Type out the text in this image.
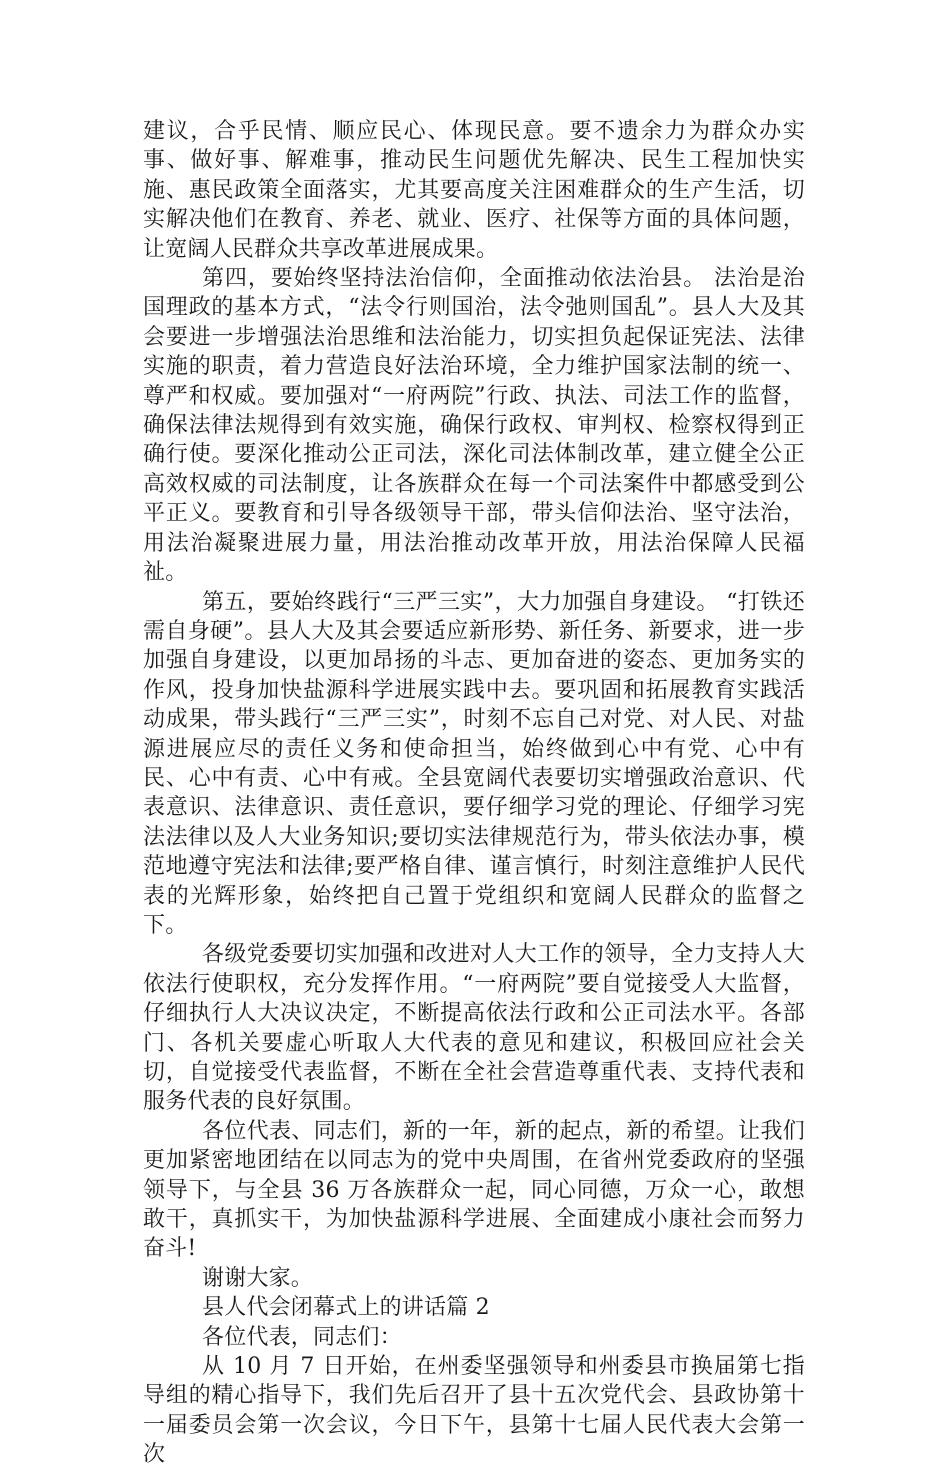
建议，合乎民情、顺应民心、体现民意。要不遗余力为群众办实事、做好事、解难事，推动民生问题优先解决、民生工程加快实施、惠民政策全面落实，尤其要高度关注困难群众的生产生活，切实解决他们在教育、养老、就业、医疗、社保等方面的具体问题，让宽阔人民群众共享改革进展成果。

第四，要始终坚持法治信仰，全面推动依法治县。 法治是治国理政的基本方式，“法令行则国治，法令弛则国乱”。县人大及其会要进一步增强法治思维和法治能力，切实担负起保证宪法、法律实施的职责，着力营造良好法治环境，全力维护国家法制的统一、尊严和权威。要加强对“一府两院”行政、执法、司法工作的监督，确保法律法规得到有效实施，确保行政权、审判权、检察权得到正确行使。要深化推动公正司法，深化司法体制改革，建立健全公正高效权威的司法制度，让各族群众在每一个司法案件中都感受到公平正义。要教育和引导各级领导干部，带头信仰法治、坚守法治，用法治凝聚进展力量，用法治推动改革开放，用法治保障人民福祉。

第五，要始终践行“三严三实”，大力加强自身建设。 “打铁还需自身硬”。县人大及其会要适应新形势、新任务、新要求，进一步加强自身建设，以更加昂扬的斗志、更加奋进的姿态、更加务实的作风，投身加快盐源科学进展实践中去。要巩固和拓展教育实践活动成果，带头践行“三严三实”，时刻不忘自己对党、对人民、对盐源进展应尽的责任义务和使命担当，始终做到心中有党、心中有民、心中有责、心中有戒。全县宽阔代表要切实增强政治意识、代表意识、法律意识、责任意识，要仔细学习党的理论、仔细学习宪法法律以及人大业务知识;要切实法律规范行为，带头依法办事，模范地遵守宪法和法律;要严格自律、谨言慎行，时刻注意维护人民代表的光辉形象，始终把自己置于党组织和宽阔人民群众的监督之下。

各级党委要切实加强和改进对人大工作的领导，全力支持人大依法行使职权，充分发挥作用。“一府两院”要自觉接受人大监督，仔细执行人大决议决定，不断提高依法行政和公正司法水平。各部门、各机关要虚心听取人大代表的意见和建议，积极回应社会关切，自觉接受代表监督，不断在全社会营造尊重代表、支持代表和服务代表的良好氛围。

各位代表、同志们，新的一年，新的起点，新的希望。让我们更加紧密地团结在以同志为的党中央周围，在省州党委政府的坚强领导下，与全县 36 万各族群众一起，同心同德，万众一心，敢想敢干，真抓实干，为加快盐源科学进展、全面建成小康社会而努力奋斗!

谢谢大家。

县人代会闭幕式上的讲话篇 2

各位代表，同志们：

从 10 月 7 日开始，在州委坚强领导和州委县市换届第七指导组的精心指导下，我们先后召开了县十五次党代会、县政协第十一届委员会第一次会议，今日下午，县第十七届人民代表大会第一次
